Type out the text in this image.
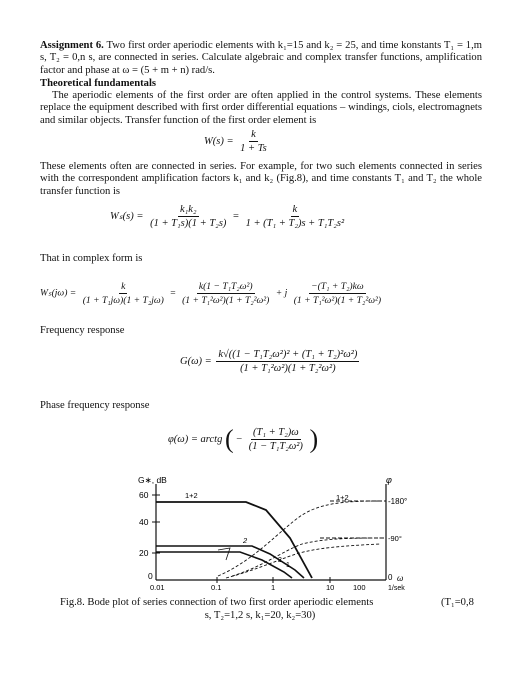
Assignment 6. Two first order aperiodic elements with k₁=15 and k₂ = 25, and time konstants T₁ = 1,m s, T₂ = 0,n s, are connected in series. Calculate algebraic and complex transfer functions, amplification factor and phase at ω = (5 + m + n) rad/s.
Theoretical fundamentals
The aperiodic elements of the first order are often applied in the control systems. These elements replace the equipment described with first order differential equations – windings, ciols, electromagnets and similar objects. Transfer function of the first order element is
$W(s) = \frac{k}{1 + Ts}$
These elements often are connected in series. For example, for two such elements connected in series with the correspondent amplification factors k₁ and k₂ (Fig.8), and time constants T₁ and T₂ the whole transfer function is
$W_s(s) = \frac{\text{k₁k₂}}{\text{(1 + T₁s)(1 + T₂s)}} = \frac{k}{\text{1 + (T₁ + T₂)s + T₁T₂s²}}$
That in complex form is
$W_s(j\omega) = \frac{k}{\text{(1 + T₁jω)(1 + T₂jω)}} = \frac{\text{k(1 − T₁T₂ω²)}}{\text{(1 + T₁²ω²)(1 + T₂²ω²)}} + j \frac{\text{−(T₁ + T₂)kω}}{\text{(1 + T₁²ω²)(1 + T₂²ω²)}}$
Frequency response
$G(\omega) = \frac{\text{k√((1 − T₁T₂ω²)² + (T₁ + T₂)²ω²)}}{\text{(1 + T₁²ω²)(1 + T₂²ω²)}}$
Phase frequency response
φ(ω) = arctg ( − $\frac{\text{(T₁ + T₂)ω}}{\text{(1 − T₁T₂ω²)}}$ )
G∗, dB	φ
60
40
20
0
0,01	0,1	1	10 100	1/sek
ω
0
-180°
-90°
1+2
2
1+2
2
1
Fig.8. Bode plot of series connection of two first order aperiodic elements	(T₁=0,8
s, T₂=1,2 s, k₁=20, k₂=30)
